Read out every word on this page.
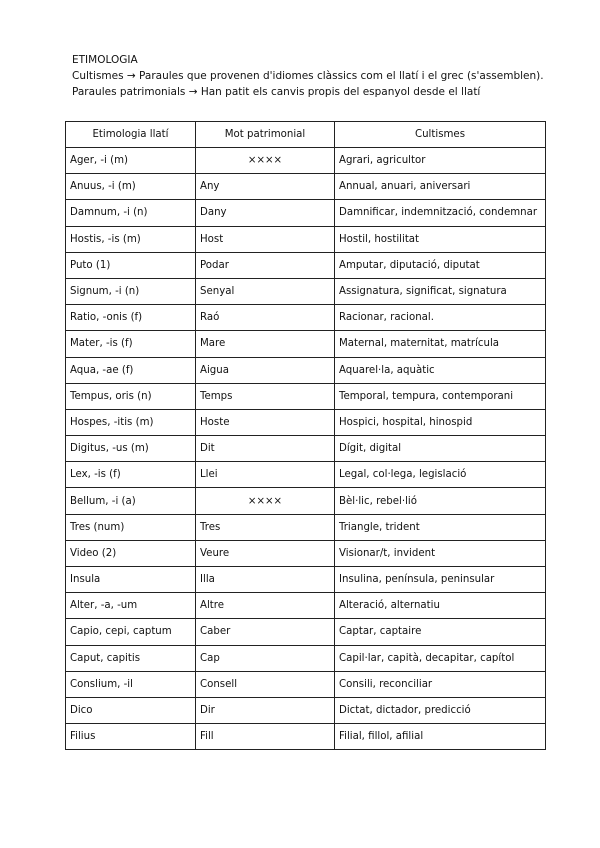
ETIMOLOGIA
Cultismes → Paraules que provenen d'idiomes clàssics com el llatí i el grec (s'assemblen).
Paraules patrimonials → Han patit els canvis propis del espanyol desde el llatí
Etimologia llatí	Mot patrimonial	Cultismes
Ager, -i (m)	××××	Agrari, agricultor
Anuus, -i (m)	Any	Annual, anuari, aniversari
Damnum, -i (n)	Dany	Damnificar, indemnització, condemnar
Hostis, -is (m)	Host	Hostil, hostilitat
Puto (1)	Podar	Amputar, diputació, diputat
Signum, -i (n)	Senyal	Assignatura, significat, signatura
Ratio, -onis (f)	Raó	Racionar, racional.
Mater, -is (f)	Mare	Maternal, maternitat, matrícula
Aqua, -ae (f)	Aigua	Aquarel·la, aquàtic
Tempus, oris (n)	Temps	Temporal, tempura, contemporani
Hospes, -itis (m)	Hoste	Hospici, hospital, hinospid
Digitus, -us (m)	Dit	Dígit, digital
Lex, -is (f)	Llei	Legal, col·lega, legislació
Bellum, -i (a)	××××	Bèl·lic, rebel·lió
Tres (num)	Tres	Triangle, trident
Video (2)	Veure	Visionar/t, invident
Insula	Illa	Insulina, península, peninsular
Alter, -a, -um	Altre	Alteració, alternatiu
Capio, cepi, captum	Caber	Captar, captaire
Caput, capitis	Cap	Capil·lar, capità, decapitar, capítol
Conslium, -il	Consell	Consili, reconciliar
Dico	Dir	Dictat, dictador, predicció
Filius	Fill	Filial, fillol, afilial
